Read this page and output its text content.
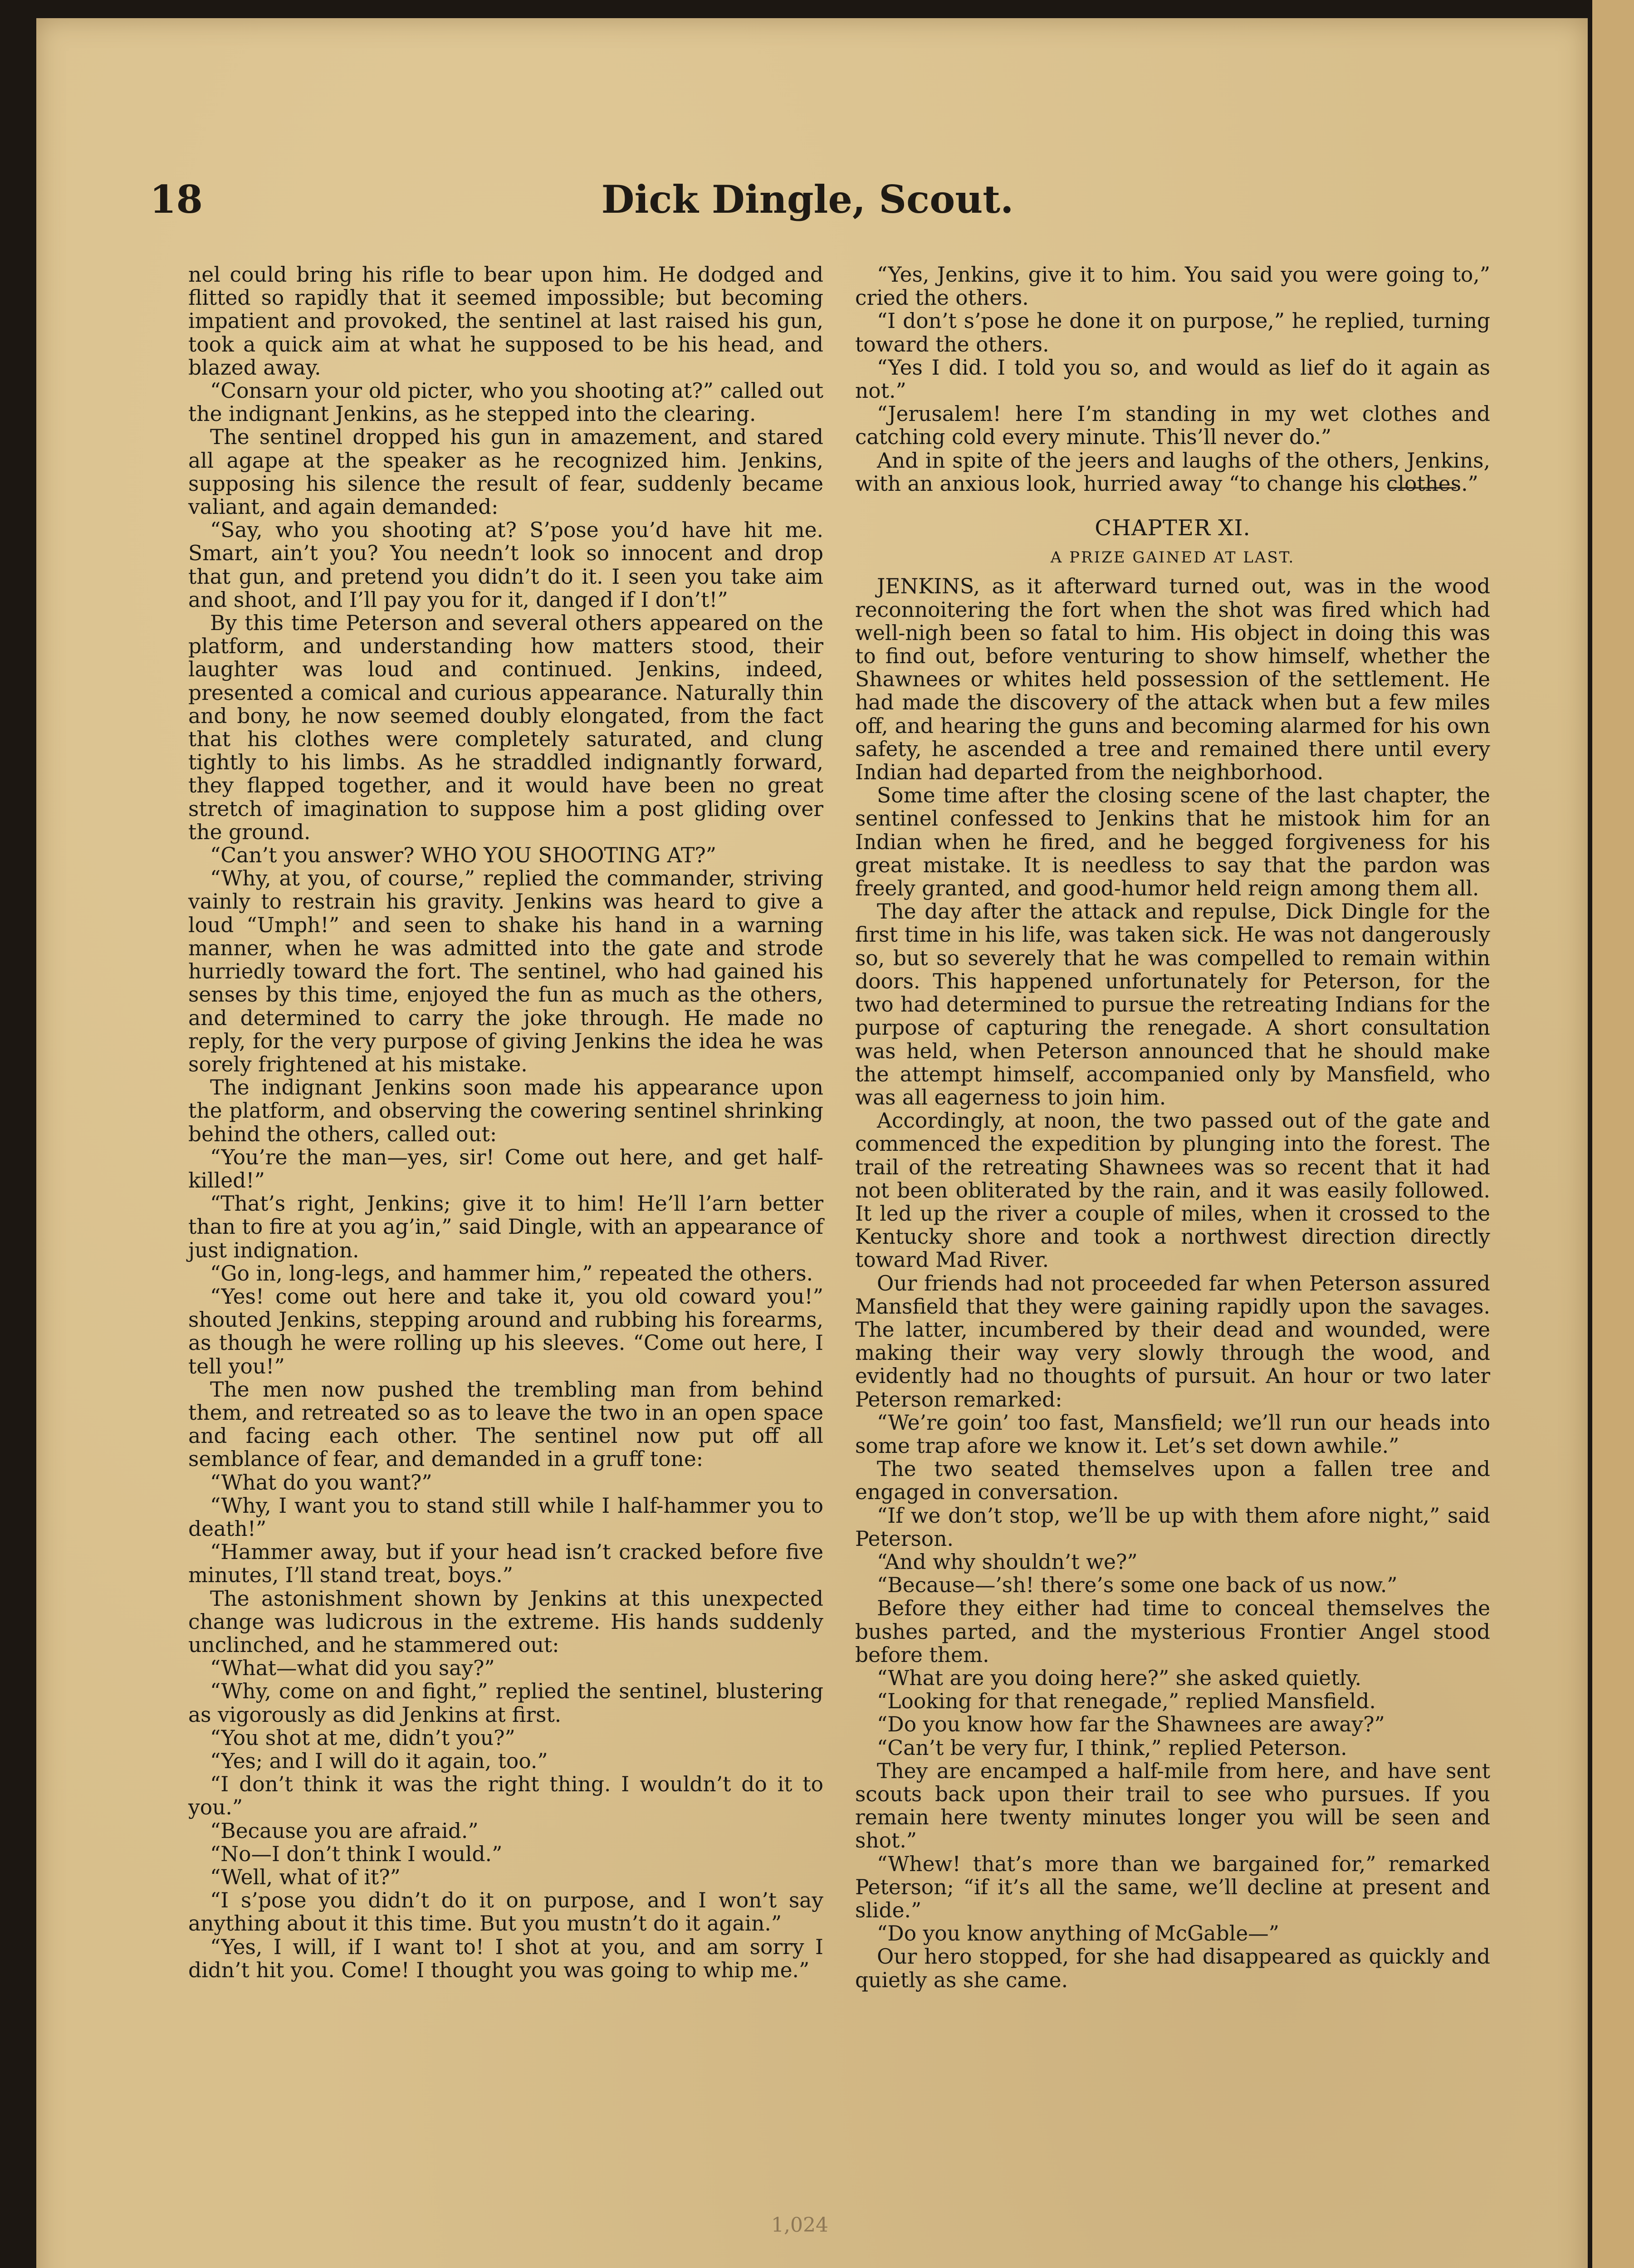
18	Dick Dingle, Scout.

nel could bring his rifle to bear upon him. He dodged and flitted so rapidly that it seemed impossible; but becoming impatient and provoked, the sentinel at last raised his gun, took a quick aim at what he supposed to be his head, and blazed away.

“Consarn your old picter, who you shooting at?” called out the indignant Jenkins, as he stepped into the clearing.

The sentinel dropped his gun in amazement, and stared all agape at the speaker as he recognized him. Jenkins, supposing his silence the result of fear, suddenly became valiant, and again demanded:

“Say, who you shooting at? S’pose you’d have hit me. Smart, ain’t you? You needn’t look so innocent and drop that gun, and pretend you didn’t do it. I seen you take aim and shoot, and I’ll pay you for it, danged if I don’t!”

By this time Peterson and several others appeared on the platform, and understanding how matters stood, their laughter was loud and continued. Jenkins, indeed, presented a comical and curious appearance. Naturally thin and bony, he now seemed doubly elongated, from the fact that his clothes were completely saturated, and clung tightly to his limbs. As he straddled indignantly forward, they flapped together, and it would have been no great stretch of imagination to suppose him a post gliding over the ground.

“Can’t you answer? WHO YOU SHOOTING AT?”

“Why, at you, of course,” replied the commander, striving vainly to restrain his gravity. Jenkins was heard to give a loud “Umph!” and seen to shake his hand in a warning manner, when he was admitted into the gate and strode hurriedly toward the fort. The sentinel, who had gained his senses by this time, enjoyed the fun as much as the others, and determined to carry the joke through. He made no reply, for the very purpose of giving Jenkins the idea he was sorely frightened at his mistake.

The indignant Jenkins soon made his appearance upon the platform, and observing the cowering sentinel shrinking behind the others, called out:

“You’re the man—yes, sir! Come out here, and get half-killed!”

“That’s right, Jenkins; give it to him! He’ll l’arn better than to fire at you ag’in,” said Dingle, with an appearance of just indignation.

“Go in, long-legs, and hammer him,” repeated the others.

“Yes! come out here and take it, you old coward you!” shouted Jenkins, stepping around and rubbing his forearms, as though he were rolling up his sleeves. “Come out here, I tell you!”

The men now pushed the trembling man from behind them, and retreated so as to leave the two in an open space and facing each other. The sentinel now put off all semblance of fear, and demanded in a gruff tone:

“What do you want?”

“Why, I want you to stand still while I half-hammer you to death!”

“Hammer away, but if your head isn’t cracked before five minutes, I’ll stand treat, boys.”

The astonishment shown by Jenkins at this unexpected change was ludicrous in the extreme. His hands suddenly unclinched, and he stammered out:

“What—what did you say?”

“Why, come on and fight,” replied the sentinel, blustering as vigorously as did Jenkins at first.

“You shot at me, didn’t you?”

“Yes; and I will do it again, too.”

“I don’t think it was the right thing. I wouldn’t do it to you.”

“Because you are afraid.”

“No—I don’t think I would.”

“Well, what of it?”

“I s’pose you didn’t do it on purpose, and I won’t say anything about it this time. But you mustn’t do it again.”

“Yes, I will, if I want to! I shot at you, and am sorry I didn’t hit you. Come! I thought you was going to whip me.”

“Yes, Jenkins, give it to him. You said you were going to,” cried the others.

“I don’t s’pose he done it on purpose,” he replied, turning toward the others.

“Yes I did. I told you so, and would as lief do it again as not.”

“Jerusalem! here I’m standing in my wet clothes and catching cold every minute. This’ll never do.”

And in spite of the jeers and laughs of the others, Jenkins, with an anxious look, hurried away “to change his clothes.”

CHAPTER XI.
A PRIZE GAINED AT LAST.

JENKINS, as it afterward turned out, was in the wood reconnoitering the fort when the shot was fired which had well-nigh been so fatal to him. His object in doing this was to find out, before venturing to show himself, whether the Shawnees or whites held possession of the settlement. He had made the discovery of the attack when but a few miles off, and hearing the guns and becoming alarmed for his own safety, he ascended a tree and remained there until every Indian had departed from the neighborhood.

Some time after the closing scene of the last chapter, the sentinel confessed to Jenkins that he mistook him for an Indian when he fired, and he begged forgiveness for his great mistake. It is needless to say that the pardon was freely granted, and good-humor held reign among them all.

The day after the attack and repulse, Dick Dingle for the first time in his life, was taken sick. He was not dangerously so, but so severely that he was compelled to remain within doors. This happened unfortunately for Peterson, for the two had determined to pursue the retreating Indians for the purpose of capturing the renegade. A short consultation was held, when Peterson announced that he should make the attempt himself, accompanied only by Mansfield, who was all eagerness to join him.

Accordingly, at noon, the two passed out of the gate and commenced the expedition by plunging into the forest. The trail of the retreating Shawnees was so recent that it had not been obliterated by the rain, and it was easily followed. It led up the river a couple of miles, when it crossed to the Kentucky shore and took a northwest direction directly toward Mad River.

Our friends had not proceeded far when Peterson assured Mansfield that they were gaining rapidly upon the savages. The latter, incumbered by their dead and wounded, were making their way very slowly through the wood, and evidently had no thoughts of pursuit. An hour or two later Peterson remarked:

“We’re goin’ too fast, Mansfield; we’ll run our heads into some trap afore we know it. Let’s set down awhile.”

The two seated themselves upon a fallen tree and engaged in conversation.

“If we don’t stop, we’ll be up with them afore night,” said Peterson.

“And why shouldn’t we?”

“Because—’sh! there’s some one back of us now.”

Before they either had time to conceal themselves the bushes parted, and the mysterious Frontier Angel stood before them.

“What are you doing here?” she asked quietly.

“Looking for that renegade,” replied Mansfield.

“Do you know how far the Shawnees are away?”

“Can’t be very fur, I think,” replied Peterson.

They are encamped a half-mile from here, and have sent scouts back upon their trail to see who pursues. If you remain here twenty minutes longer you will be seen and shot.”

“Whew! that’s more than we bargained for,” remarked Peterson; “if it’s all the same, we’ll decline at present and slide.”

“Do you know anything of McGable—”

Our hero stopped, for she had disappeared as quickly and quietly as she came.

1,024
